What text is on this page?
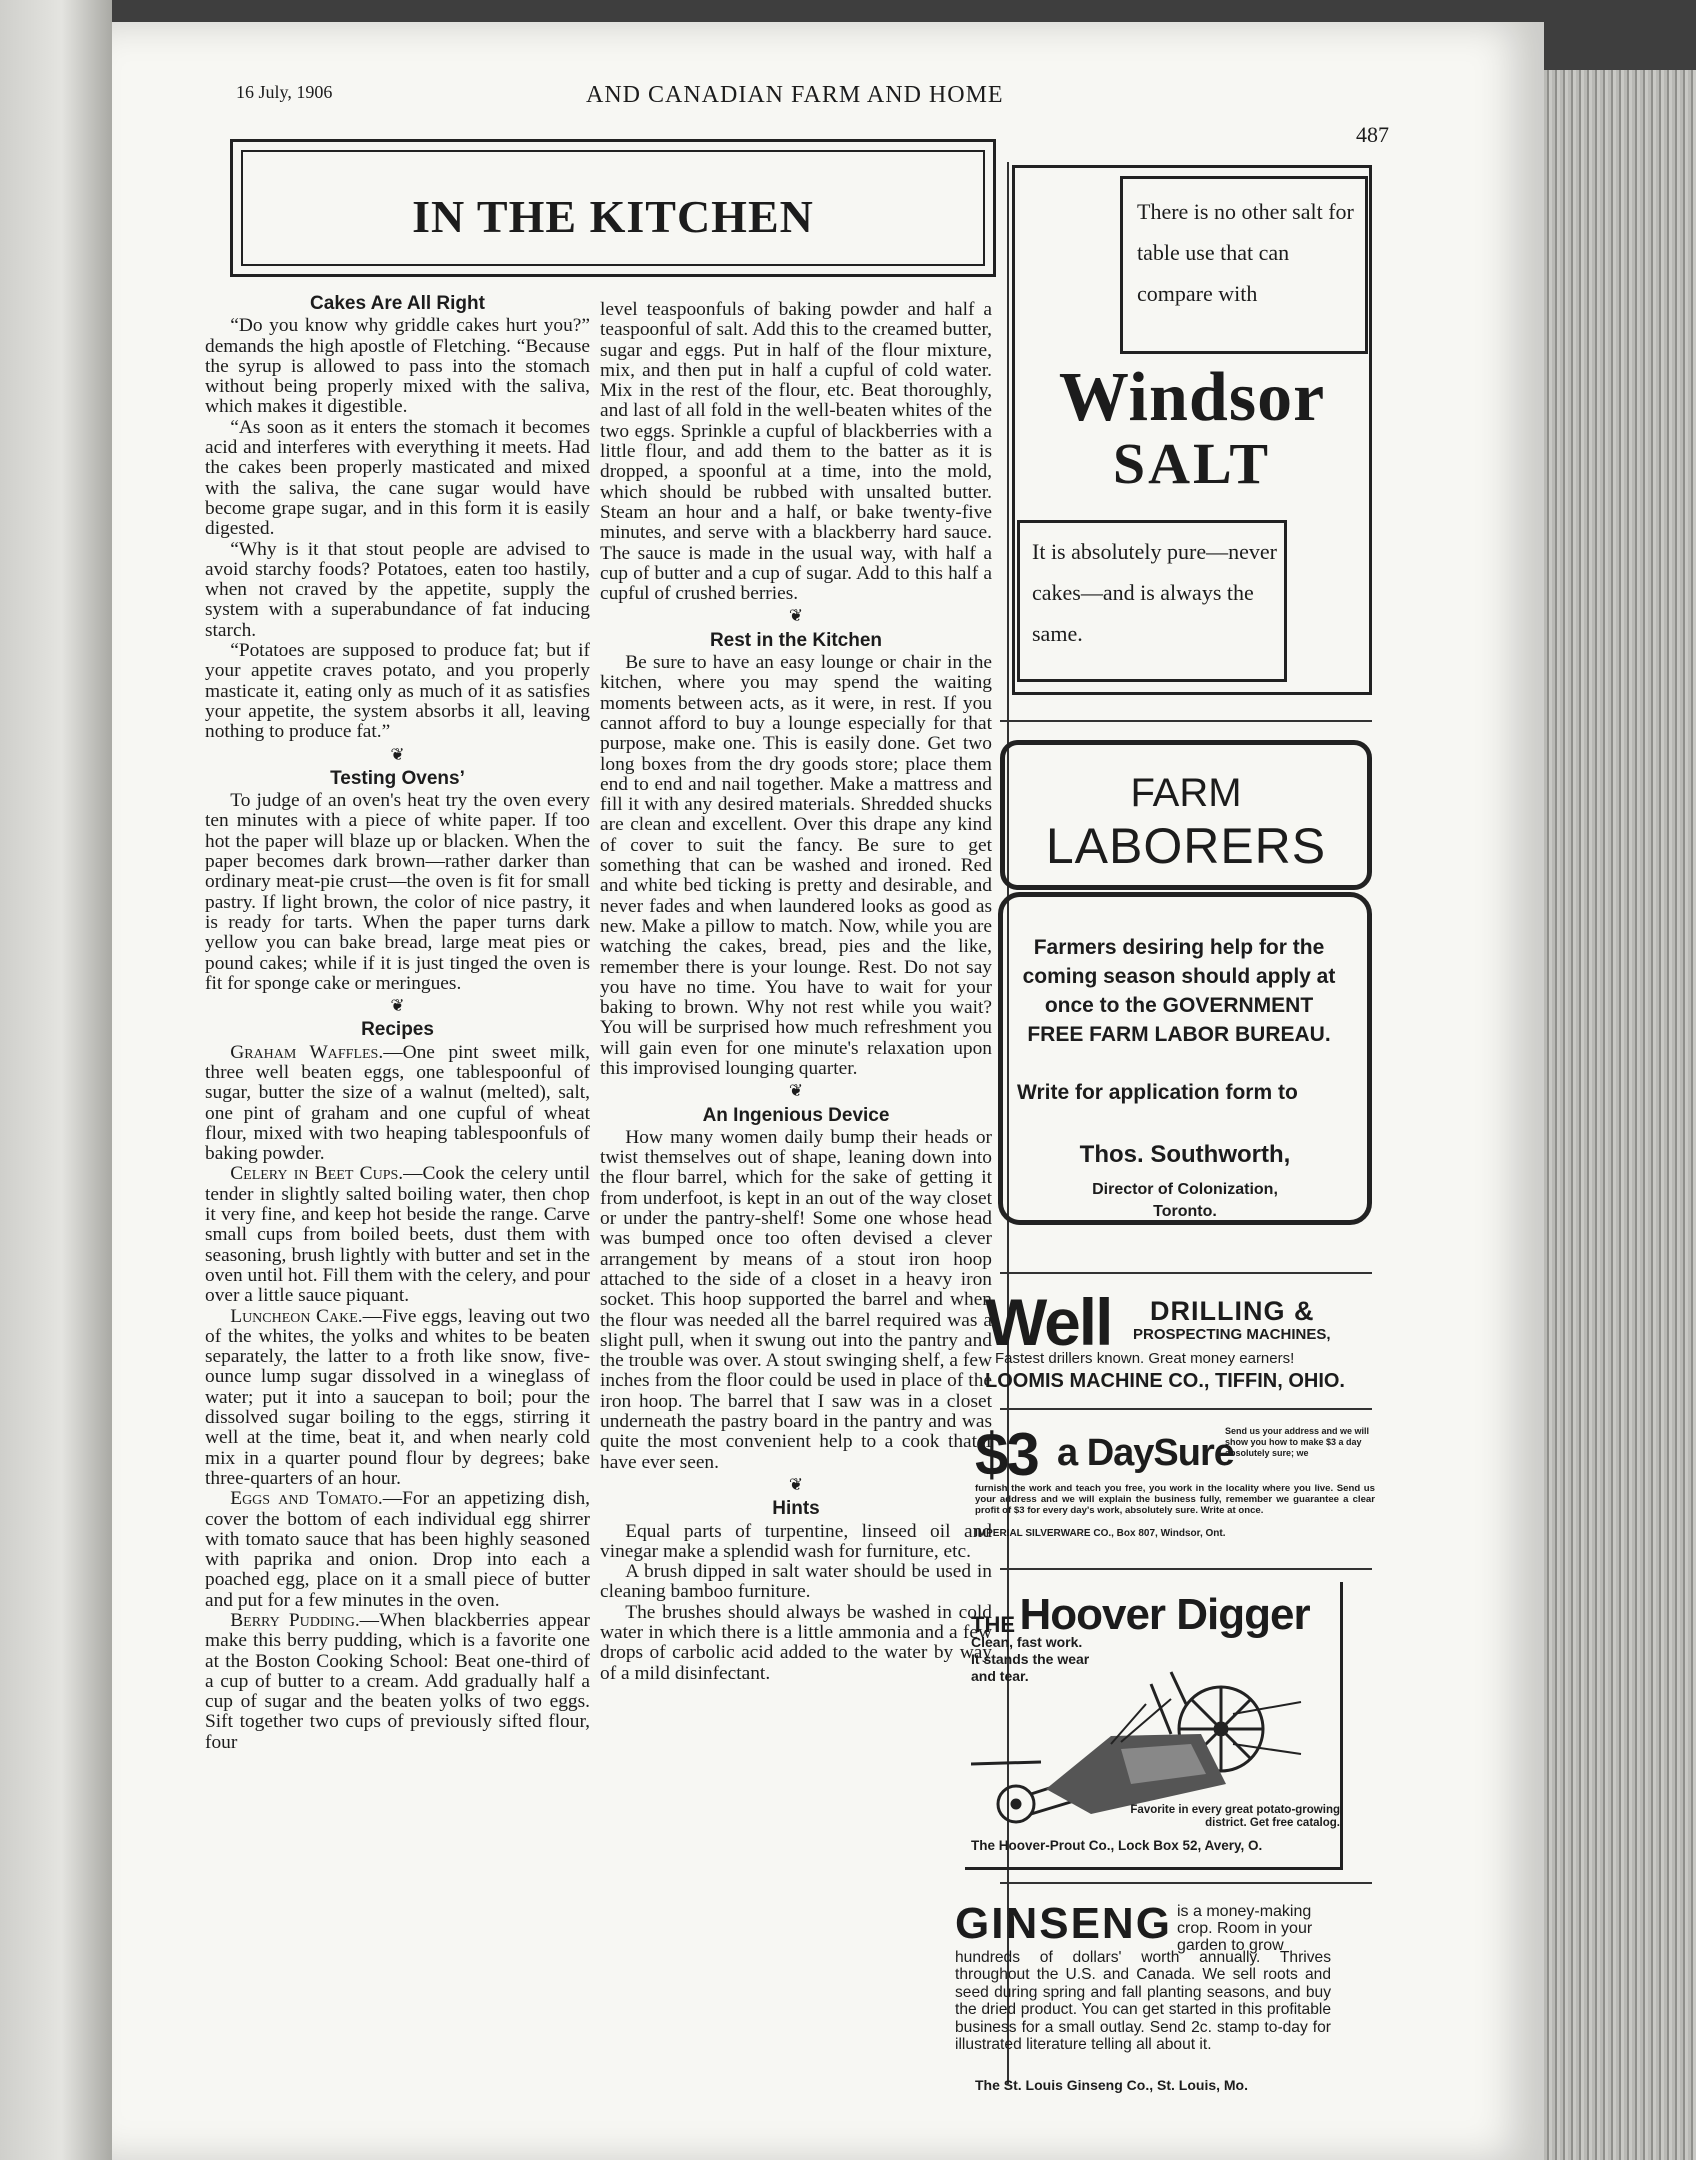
16 July, 1906	AND CANADIAN FARM AND HOME
487
IN THE KITCHEN
Cakes Are All Right

“Do you know why griddle cakes hurt you?” demands the high apostle of Fletching. “Because the syrup is allowed to pass into the stomach without being properly mixed with the saliva, which makes it digestible.

“As soon as it enters the stomach it becomes acid and interferes with everything it meets. Had the cakes been properly masticated and mixed with the saliva, the cane sugar would have become grape sugar, and in this form it is easily digested.

“Why is it that stout people are advised to avoid starchy foods? Potatoes, eaten too hastily, when not craved by the appetite, supply the system with a superabundance of fat inducing starch.

“Potatoes are supposed to produce fat; but if your appetite craves potato, and you properly masticate it, eating only as much of it as satisfies your appetite, the system absorbs it all, leaving nothing to produce fat.”

❦
Testing Ovensʼ

To judge of an oven's heat try the oven every ten minutes with a piece of white paper. If too hot the paper will blaze up or blacken. When the paper becomes dark brown—rather darker than ordinary meat-pie crust—the oven is fit for small pastry. If light brown, the color of nice pastry, it is ready for tarts. When the paper turns dark yellow you can bake bread, large meat pies or pound cakes; while if it is just tinged the oven is fit for sponge cake or meringues.

❦
Recipes

Graham Waffles.—One pint sweet milk, three well beaten eggs, one tablespoonful of sugar, butter the size of a walnut (melted), salt, one pint of graham and one cupful of wheat flour, mixed with two heaping tablespoonfuls of baking powder.

Celery in Beet Cups.—Cook the celery until tender in slightly salted boiling water, then chop it very fine, and keep hot beside the range. Carve small cups from boiled beets, dust them with seasoning, brush lightly with butter and set in the oven until hot. Fill them with the celery, and pour over a little sauce piquant.

Luncheon Cake.—Five eggs, leaving out two of the whites, the yolks and whites to be beaten separately, the latter to a froth like snow, five-ounce lump sugar dissolved in a wineglass of water; put it into a saucepan to boil; pour the dissolved sugar boiling to the eggs, stirring it well at the time, beat it, and when nearly cold mix in a quarter pound flour by degrees; bake three-quarters of an hour.

Eggs and Tomato.—For an appetizing dish, cover the bottom of each individual egg shirrer with tomato sauce that has been highly seasoned with paprika and onion. Drop into each a poached egg, place on it a small piece of butter and put for a few minutes in the oven.

Berry Pudding.—When blackberries appear make this berry pudding, which is a favorite one at the Boston Cooking School: Beat one-third of a cup of butter to a cream. Add gradually half a cup of sugar and the beaten yolks of two eggs. Sift together two cups of previously sifted flour, four

level teaspoonfuls of baking powder and half a teaspoonful of salt. Add this to the creamed butter, sugar and eggs. Put in half of the flour mixture, mix, and then put in half a cupful of cold water. Mix in the rest of the flour, etc. Beat thoroughly, and last of all fold in the well-beaten whites of the two eggs. Sprinkle a cupful of blackberries with a little flour, and add them to the batter as it is dropped, a spoonful at a time, into the mold, which should be rubbed with unsalted butter. Steam an hour and a half, or bake twenty-five minutes, and serve with a blackberry hard sauce. The sauce is made in the usual way, with half a cup of butter and a cup of sugar. Add to this half a cupful of crushed berries.

❦
Rest in the Kitchen

Be sure to have an easy lounge or chair in the kitchen, where you may spend the waiting moments between acts, as it were, in rest. If you cannot afford to buy a lounge especially for that purpose, make one. This is easily done. Get two long boxes from the dry goods store; place them end to end and nail together. Make a mattress and fill it with any desired materials. Shredded shucks are clean and excellent. Over this drape any kind of cover to suit the fancy. Be sure to get something that can be washed and ironed. Red and white bed ticking is pretty and desirable, and never fades and when laundered looks as good as new. Make a pillow to match. Now, while you are watching the cakes, bread, pies and the like, remember there is your lounge. Rest. Do not say you have no time. You have to wait for your baking to brown. Why not rest while you wait? You will be surprised how much refreshment you will gain even for one minute's relaxation upon this improvised lounging quarter.

❦
An Ingenious Device

How many women daily bump their heads or twist themselves out of shape, leaning down into the flour barrel, which for the sake of getting it from underfoot, is kept in an out of the way closet or under the pantry-shelf! Some one whose head was bumped once too often devised a clever arrangement by means of a stout iron hoop attached to the side of a closet in a heavy iron socket. This hoop supported the barrel and when the flour was needed all the barrel required was a slight pull, when it swung out into the pantry and the trouble was over. A stout swinging shelf, a few inches from the floor could be used in place of the iron hoop. The barrel that I saw was in a closet underneath the pastry board in the pantry and was quite the most convenient help to a cook that I have ever seen.

❦
Hints

Equal parts of turpentine, linseed oil and vinegar make a splendid wash for furniture, etc.

A brush dipped in salt water should be used in cleaning bamboo furniture.

The brushes should always be washed in cold water in which there is a little ammonia and a few drops of carbolic acid added to the water by way of a mild disinfectant.

There is no other salt for table use that can compare with
Windsor
SALT
It is absolutely pure—never cakes—and is always the same.
FARM
LABORERS
Farmers desiring help for the coming season should apply at once to the GOVERNMENT FREE FARM LABOR BUREAU.
Write for application form to
Thos. Southworth,
Director of Colonization,
Toronto.
Well DRILLING &
PROSPECTING MACHINES,
Fastest drillers known. Great money earners!
LOOMIS MACHINE CO., TIFFIN, OHIO.
$3 a DaySure
Send us your address and we will show you how to make $3 a day absolutely sure; we
furnish the work and teach you free, you work in the locality where you live. Send us your address and we will explain the business fully, remember we guarantee a clear profit of $3 for every day's work, absolutely sure. Write at once.
IMPERIAL SILVERWARE CO., Box 807, Windsor, Ont.
THE Hoover Digger
Clean, fast work. It stands the wear and tear.
Favorite in every great potato-growing district. Get free catalog.
The Hoover-Prout Co., Lock Box 52, Avery, O.
GINSENG is a money-making crop. Room in your garden to grow
hundreds of dollars' worth annually. Thrives throughout the U.S. and Canada. We sell roots and seed during spring and fall planting seasons, and buy the dried product. You can get started in this profitable business for a small outlay. Send 2c. stamp to-day for illustrated literature telling all about it.
The St. Louis Ginseng Co., St. Louis, Mo.
